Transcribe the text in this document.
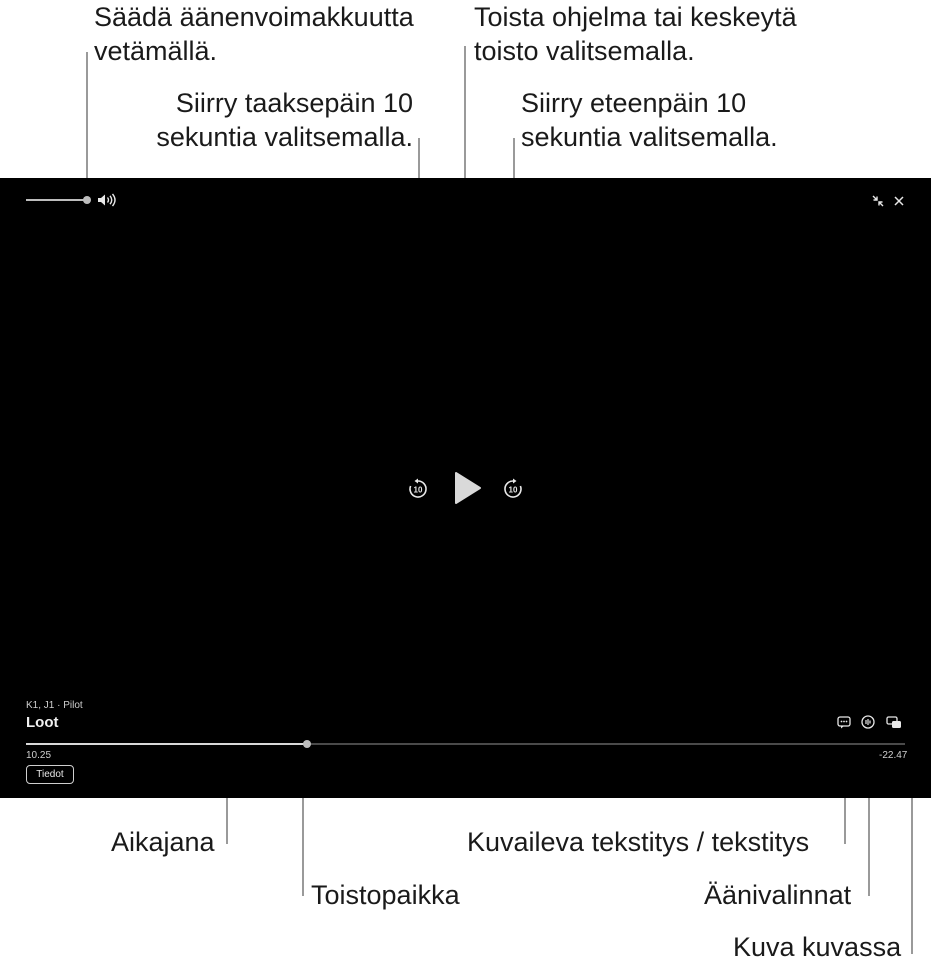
Säädä äänenvoimakkuutta
vetämällä.
Toista ohjelma tai keskeytä
toisto valitsemalla.
Siirry taaksepäin 10
sekuntia valitsemalla.
Siirry eteenpäin 10
sekuntia valitsemalla.
Aikajana
Toistopaikka
Kuvaileva tekstitys / tekstitys
Äänivalinnat
Kuva kuvassa
10	10
K1, J1 · Pilot
Loot
10.25	-22.47
Tiedot
